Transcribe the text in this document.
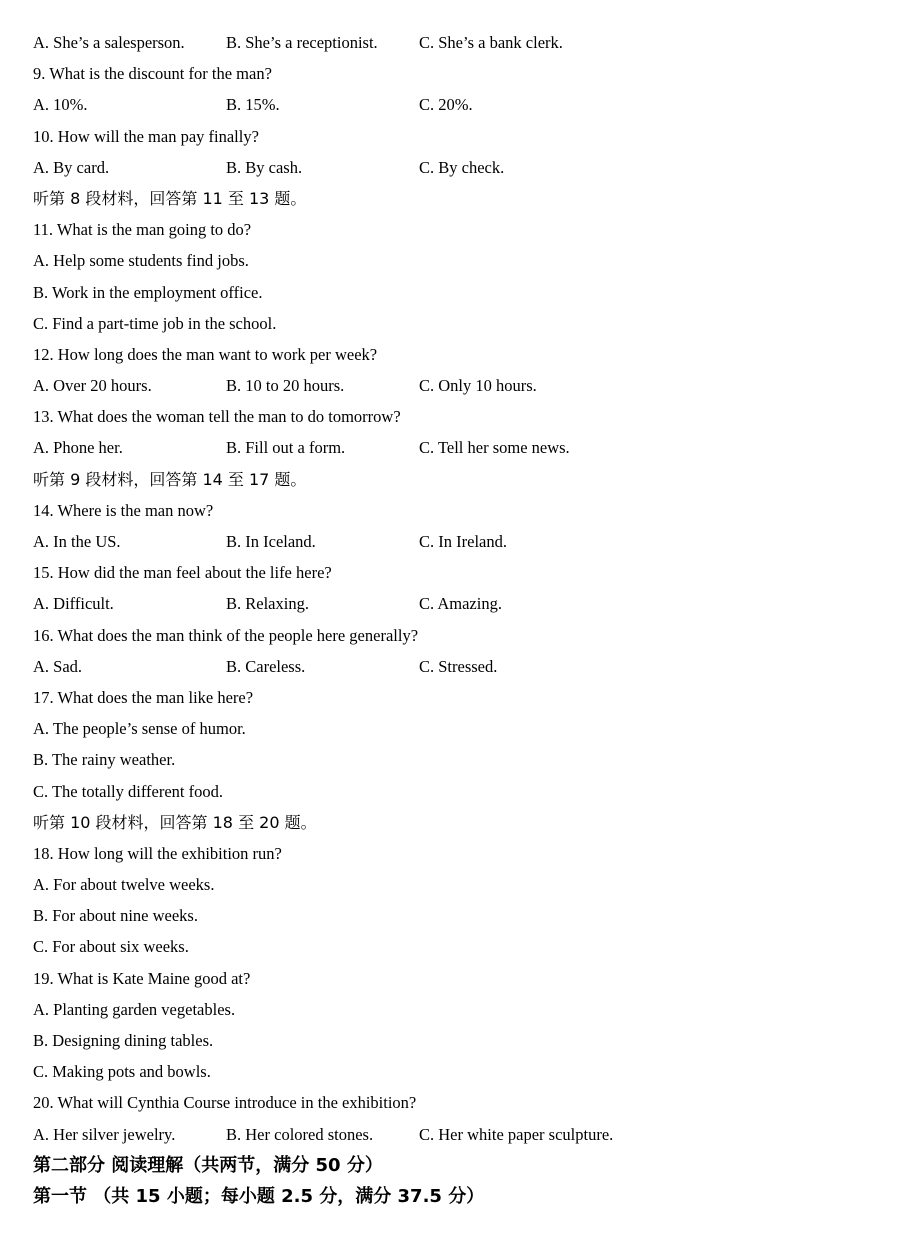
A. She’s a salesperson.	B. She’s a receptionist.	C. She’s a bank clerk.
9. What is the discount for the man?
A. 10%.	B. 15%.	C. 20%.
10. How will the man pay finally?
A. By card.	B. By cash.	C. By check.
听第 8 段材料，回答第 11 至 13 题。
11. What is the man going to do?
A. Help some students find jobs.
B. Work in the employment office.
C. Find a part-time job in the school.
12. How long does the man want to work per week?
A. Over 20 hours.	B. 10 to 20 hours.	C. Only 10 hours.
13. What does the woman tell the man to do tomorrow?
A. Phone her.	B. Fill out a form.	C. Tell her some news.
听第 9 段材料，回答第 14 至 17 题。
14. Where is the man now?
A. In the US.	B. In Iceland.	C. In Ireland.
15. How did the man feel about the life here?
A. Difficult.	B. Relaxing.	C. Amazing.
16. What does the man think of the people here generally?
A. Sad.	B. Careless.	C. Stressed.
17. What does the man like here?
A. The people’s sense of humor.
B. The rainy weather.
C. The totally different food.
听第 10 段材料，回答第 18 至 20 题。
18. How long will the exhibition run?
A. For about twelve weeks.
B. For about nine weeks.
C. For about six weeks.
19. What is Kate Maine good at?
A. Planting garden vegetables.
B. Designing dining tables.
C. Making pots and bowls.
20. What will Cynthia Course introduce in the exhibition?
A. Her silver jewelry.	B. Her colored stones.	C. Her white paper sculpture.
第二部分 阅读理解（共两节，满分 50 分）
第一节 （共 15 小题；每小题 2.5 分，满分 37.5 分）
